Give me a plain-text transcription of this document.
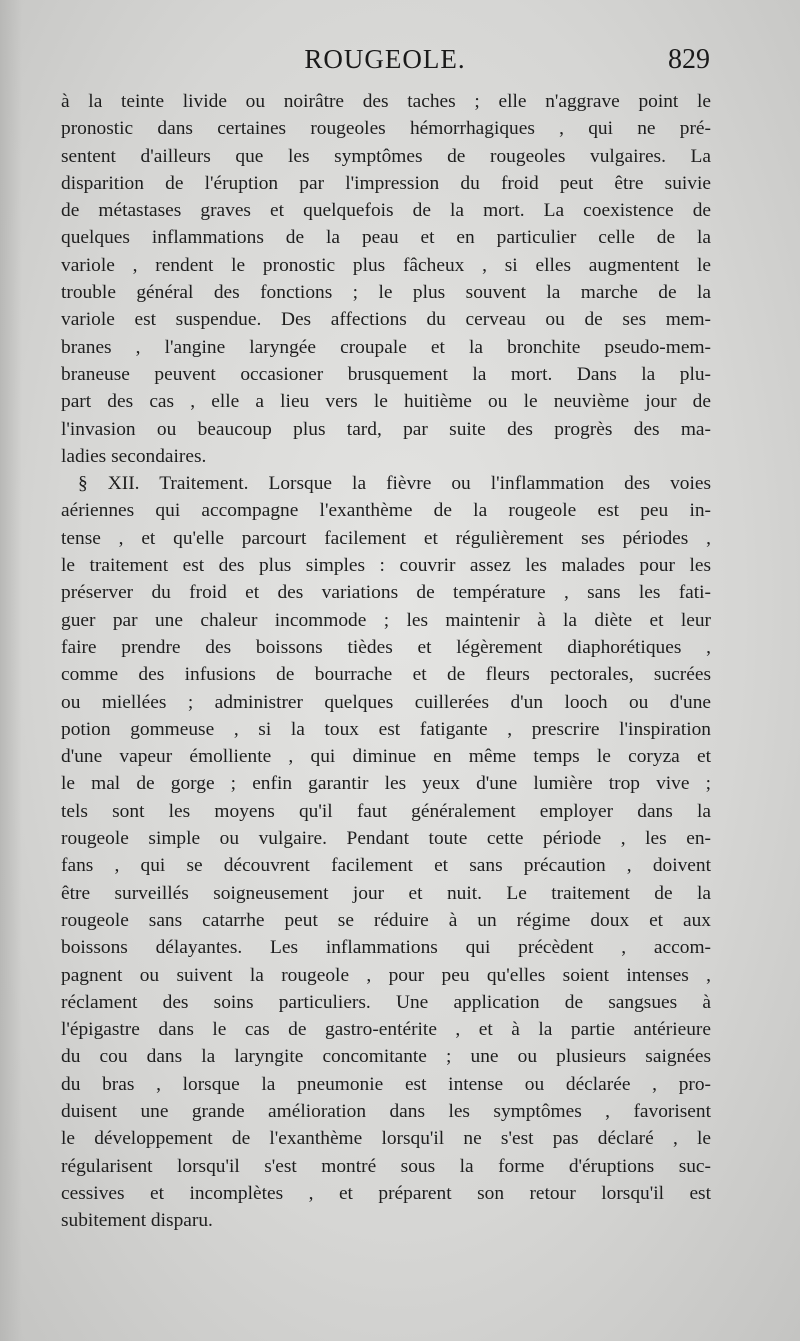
ROUGEOLE.	829
à la teinte livide ou noirâtre des taches ; elle n'aggrave point le
pronostic dans certaines rougeoles hémorrhagiques , qui ne pré-
sentent d'ailleurs que les symptômes de rougeoles vulgaires. La
disparition de l'éruption par l'impression du froid peut être suivie
de métastases graves et quelquefois de la mort. La coexistence de
quelques inflammations de la peau et en particulier celle de la
variole , rendent le pronostic plus fâcheux , si elles augmentent le
trouble général des fonctions ; le plus souvent la marche de la
variole est suspendue. Des affections du cerveau ou de ses mem-
branes , l'angine laryngée croupale et la bronchite pseudo-mem-
braneuse peuvent occasioner brusquement la mort. Dans la plu-
part des cas , elle a lieu vers le huitième ou le neuvième jour de
l'invasion ou beaucoup plus tard, par suite des progrès des ma-
ladies secondaires.
§ XII. Traitement. Lorsque la fièvre ou l'inflammation des voies
aériennes qui accompagne l'exanthème de la rougeole est peu in-
tense , et qu'elle parcourt facilement et régulièrement ses périodes ,
le traitement est des plus simples : couvrir assez les malades pour les
préserver du froid et des variations de température , sans les fati-
guer par une chaleur incommode ; les maintenir à la diète et leur
faire prendre des boissons tièdes et légèrement diaphorétiques ,
comme des infusions de bourrache et de fleurs pectorales, sucrées
ou miellées ; administrer quelques cuillerées d'un looch ou d'une
potion gommeuse , si la toux est fatigante , prescrire l'inspiration
d'une vapeur émolliente , qui diminue en même temps le coryza et
le mal de gorge ; enfin garantir les yeux d'une lumière trop vive ;
tels sont les moyens qu'il faut généralement employer dans la
rougeole simple ou vulgaire. Pendant toute cette période , les en-
fans , qui se découvrent facilement et sans précaution , doivent
être surveillés soigneusement jour et nuit. Le traitement de la
rougeole sans catarrhe peut se réduire à un régime doux et aux
boissons délayantes. Les inflammations qui précèdent , accom-
pagnent ou suivent la rougeole , pour peu qu'elles soient intenses ,
réclament des soins particuliers. Une application de sangsues à
l'épigastre dans le cas de gastro-entérite , et à la partie antérieure
du cou dans la laryngite concomitante ; une ou plusieurs saignées
du bras , lorsque la pneumonie est intense ou déclarée , pro-
duisent une grande amélioration dans les symptômes , favorisent
le développement de l'exanthème lorsqu'il ne s'est pas déclaré , le
régularisent lorsqu'il s'est montré sous la forme d'éruptions suc-
cessives et incomplètes , et préparent son retour lorsqu'il est
subitement disparu.
